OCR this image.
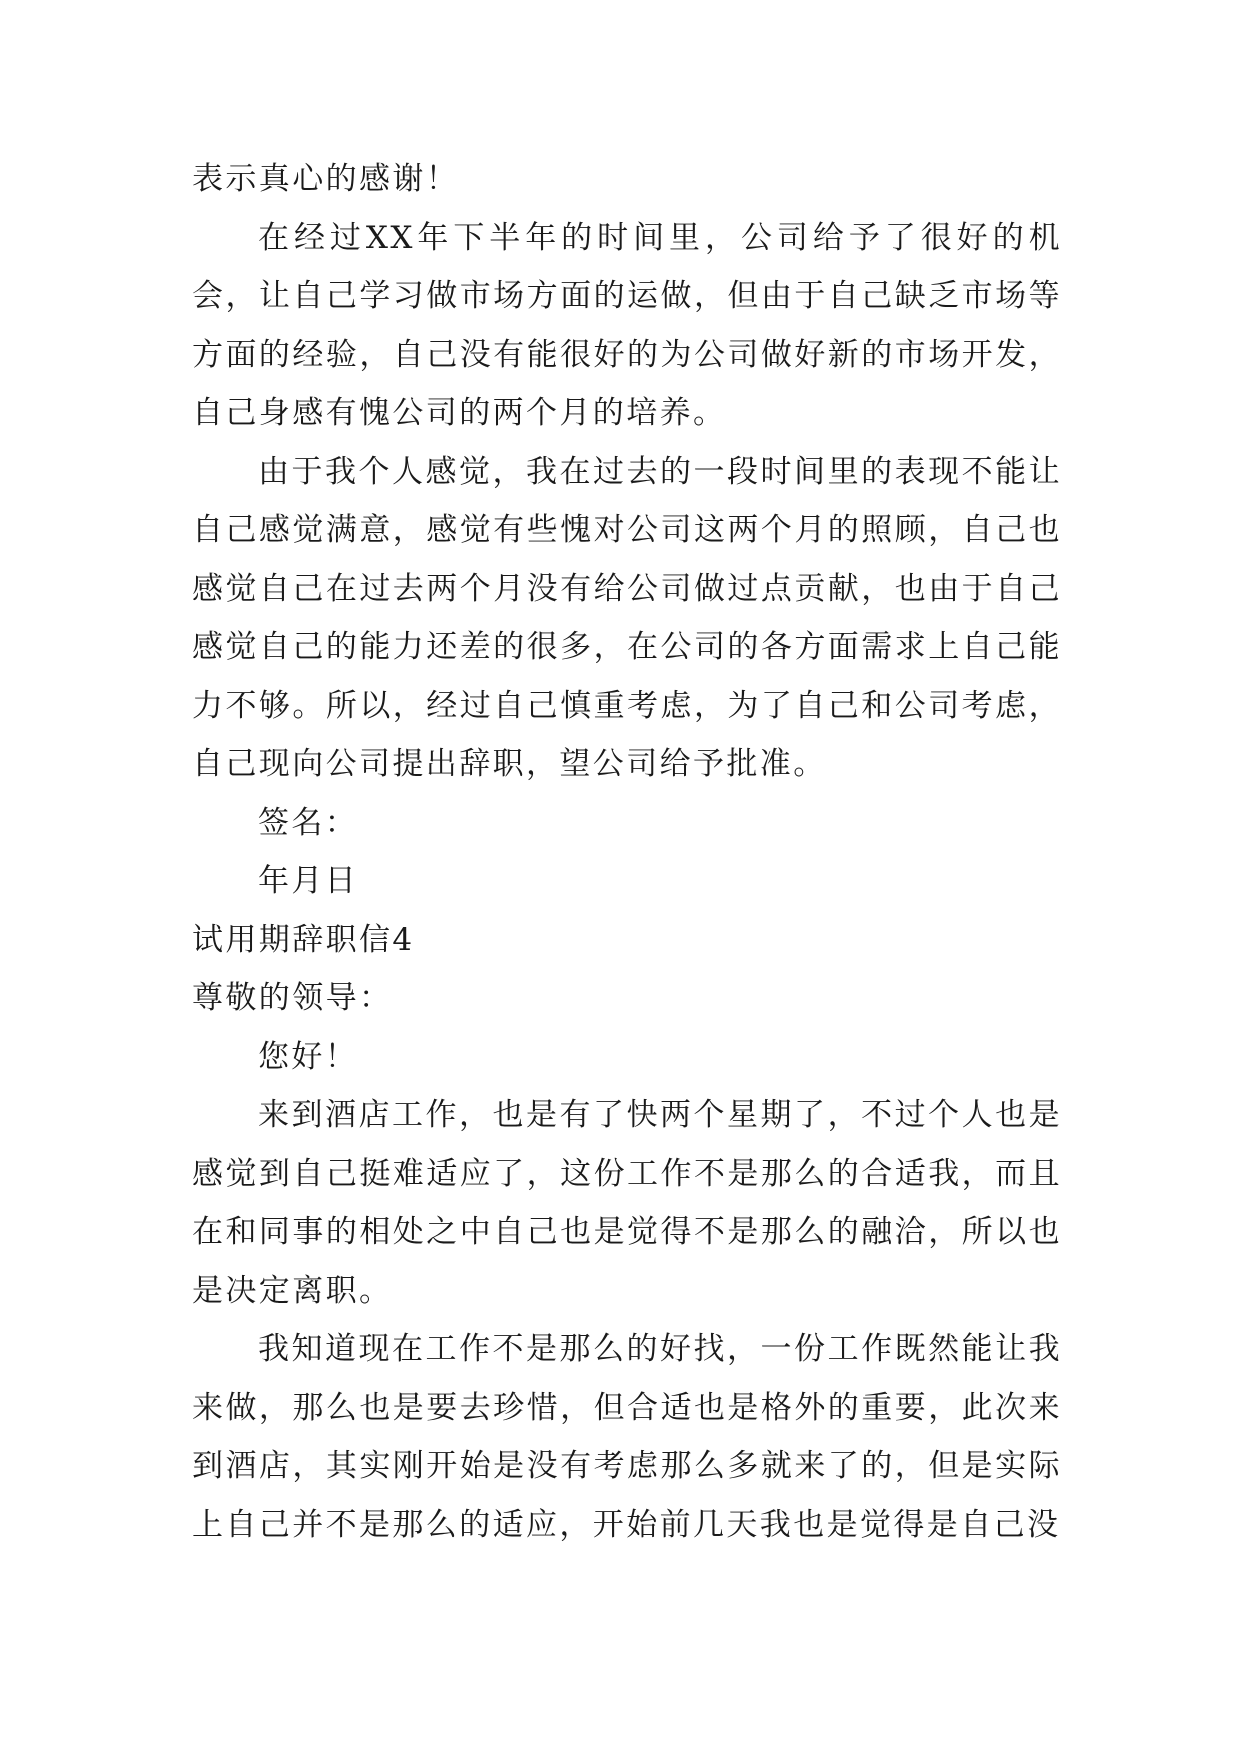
表示真心的感谢！

在经过XX年下半年的时间里，公司给予了很好的机会，让自己学习做市场方面的运做，但由于自己缺乏市场等方面的经验，自己没有能很好的为公司做好新的市场开发，自己身感有愧公司的两个月的培养。

由于我个人感觉，我在过去的一段时间里的表现不能让自己感觉满意，感觉有些愧对公司这两个月的照顾，自己也感觉自己在过去两个月没有给公司做过点贡献，也由于自己感觉自己的能力还差的很多，在公司的各方面需求上自己能力不够。所以，经过自己慎重考虑，为了自己和公司考虑，自己现向公司提出辞职，望公司给予批准。

签名：

年月日

试用期辞职信4

尊敬的领导：

您好！

来到酒店工作，也是有了快两个星期了，不过个人也是感觉到自己挺难适应了，这份工作不是那么的合适我，而且在和同事的相处之中自己也是觉得不是那么的融洽，所以也是决定离职。

我知道现在工作不是那么的好找，一份工作既然能让我来做，那么也是要去珍惜，但合适也是格外的重要，此次来到酒店，其实刚开始是没有考虑那么多就来了的，但是实际上自己并不是那么的适应，开始前几天我也是觉得是自己没
